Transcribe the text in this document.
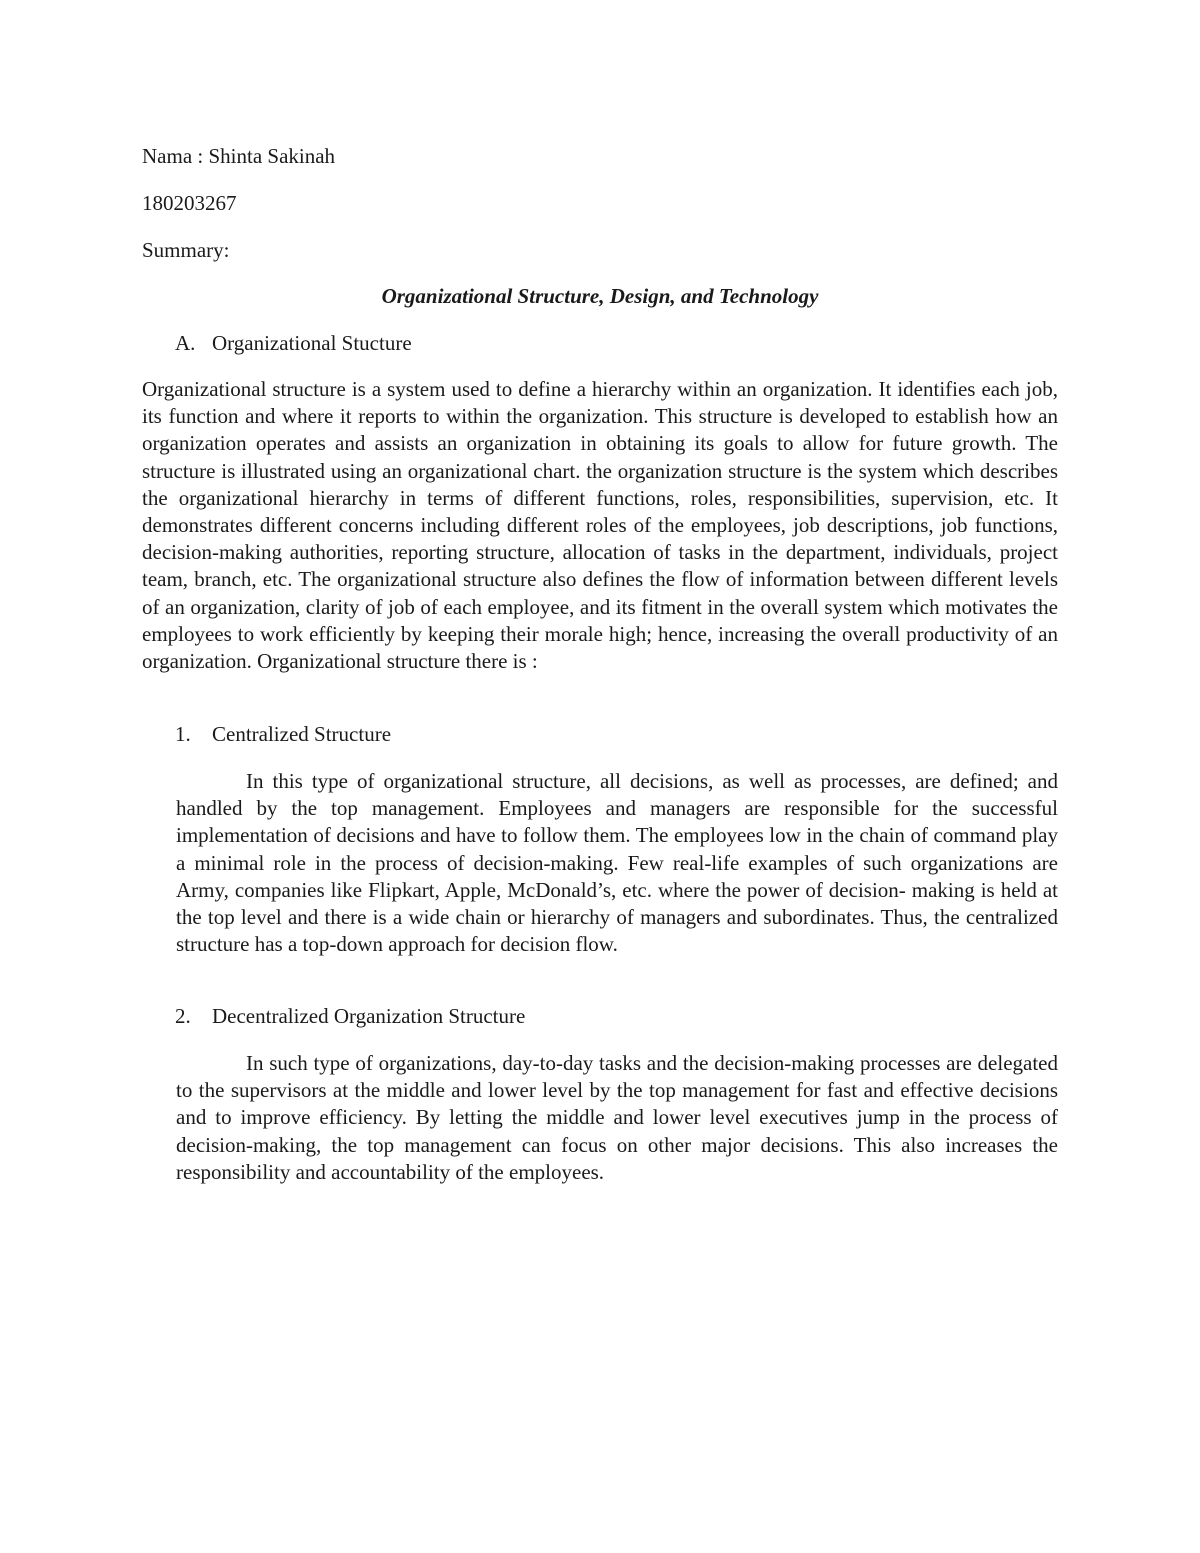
Nama : Shinta Sakinah
180203267
Summary:
Organizational Structure, Design, and Technology
A. Organizational Stucture

Organizational structure is a system used to define a hierarchy within an organization. It identifies each job, its function and where it reports to within the organization. This structure is developed to establish how an organization operates and assists an organization in obtaining its goals to allow for future growth. The structure is illustrated using an organizational chart. the organization structure is the system which describes the organizational hierarchy in terms of different functions, roles, responsibilities, supervision, etc. It demonstrates different concerns including different roles of the employees, job descriptions, job functions, decision-making authorities, reporting structure, allocation of tasks in the department, individuals, project team, branch, etc. The organizational structure also defines the flow of information between different levels of an organization, clarity of job of each employee, and its fitment in the overall system which motivates the employees to work efficiently by keeping their morale high; hence, increasing the overall productivity of an organization. Organizational structure there is :

1. Centralized Structure

In this type of organizational structure, all decisions, as well as processes, are defined; and handled by the top management. Employees and managers are responsible for the successful implementation of decisions and have to follow them. The employees low in the chain of command play a minimal role in the process of decision-making. Few real-life examples of such organizations are Army, companies like Flipkart, Apple, McDonald’s, etc. where the power of decision- making is held at the top level and there is a wide chain or hierarchy of managers and subordinates. Thus, the centralized structure has a top-down approach for decision flow.

2. Decentralized Organization Structure

In such type of organizations, day-to-day tasks and the decision-making processes are delegated to the supervisors at the middle and lower level by the top management for fast and effective decisions and to improve efficiency. By letting the middle and lower level executives jump in the process of decision-making, the top management can focus on other major decisions. This also increases the responsibility and accountability of the employees.
